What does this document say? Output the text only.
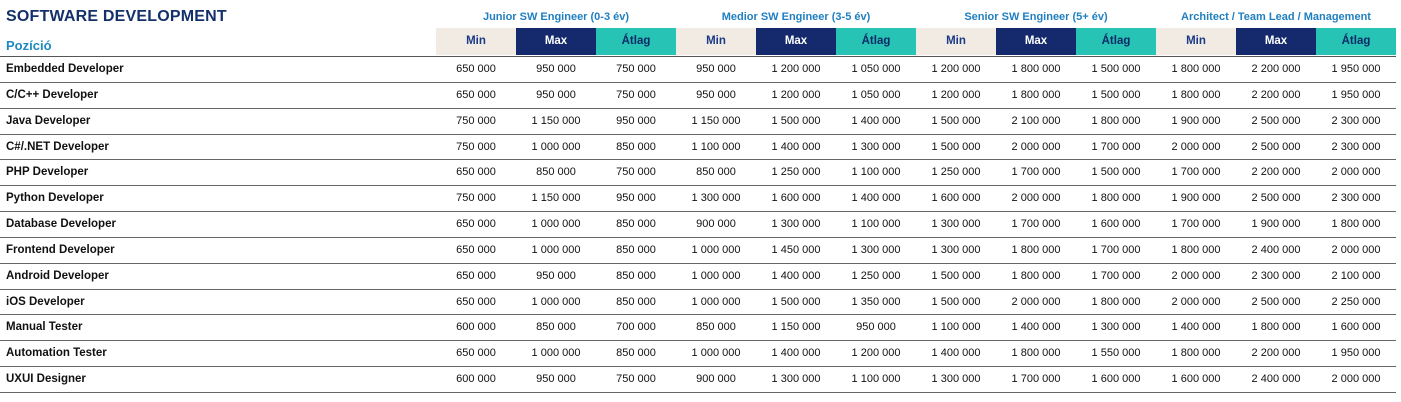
SOFTWARE DEVELOPMENT
Pozíció
Junior SW Engineer (0-3 év)	Medior SW Engineer (3-5 év)	Senior SW Engineer (5+ év)	Architect / Team Lead / Management
Min	Max	Átlag	Min	Max	Átlag	Min	Max	Átlag	Min	Max	Átlag
Embedded Developer	650 000	950 000	750 000	950 000	1 200 000	1 050 000	1 200 000	1 800 000	1 500 000	1 800 000	2 200 000	1 950 000
C/C++ Developer	650 000	950 000	750 000	950 000	1 200 000	1 050 000	1 200 000	1 800 000	1 500 000	1 800 000	2 200 000	1 950 000
Java Developer	750 000	1 150 000	950 000	1 150 000	1 500 000	1 400 000	1 500 000	2 100 000	1 800 000	1 900 000	2 500 000	2 300 000
C#/.NET Developer	750 000	1 000 000	850 000	1 100 000	1 400 000	1 300 000	1 500 000	2 000 000	1 700 000	2 000 000	2 500 000	2 300 000
PHP Developer	650 000	850 000	750 000	850 000	1 250 000	1 100 000	1 250 000	1 700 000	1 500 000	1 700 000	2 200 000	2 000 000
Python Developer	750 000	1 150 000	950 000	1 300 000	1 600 000	1 400 000	1 600 000	2 000 000	1 800 000	1 900 000	2 500 000	2 300 000
Database Developer	650 000	1 000 000	850 000	900 000	1 300 000	1 100 000	1 300 000	1 700 000	1 600 000	1 700 000	1 900 000	1 800 000
Frontend Developer	650 000	1 000 000	850 000	1 000 000	1 450 000	1 300 000	1 300 000	1 800 000	1 700 000	1 800 000	2 400 000	2 000 000
Android Developer	650 000	950 000	850 000	1 000 000	1 400 000	1 250 000	1 500 000	1 800 000	1 700 000	2 000 000	2 300 000	2 100 000
iOS Developer	650 000	1 000 000	850 000	1 000 000	1 500 000	1 350 000	1 500 000	2 000 000	1 800 000	2 000 000	2 500 000	2 250 000
Manual Tester	600 000	850 000	700 000	850 000	1 150 000	950 000	1 100 000	1 400 000	1 300 000	1 400 000	1 800 000	1 600 000
Automation Tester	650 000	1 000 000	850 000	1 000 000	1 400 000	1 200 000	1 400 000	1 800 000	1 550 000	1 800 000	2 200 000	1 950 000
UXUI Designer	600 000	950 000	750 000	900 000	1 300 000	1 100 000	1 300 000	1 700 000	1 600 000	1 600 000	2 400 000	2 000 000
